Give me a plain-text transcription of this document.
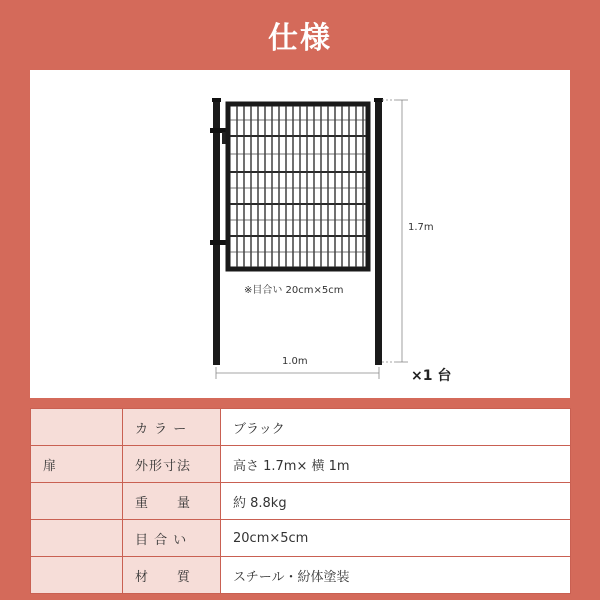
仕様
1.7m
1.0m
※目合い 20cm×5cm
×1 台
	カ ラ ー	ブラック
扉	外形寸法	高さ 1.7m× 横 1m
	重　　量	約 8.8kg
	目 合 い	20cm×5cm
	材　　質	スチール・紛体塗装
